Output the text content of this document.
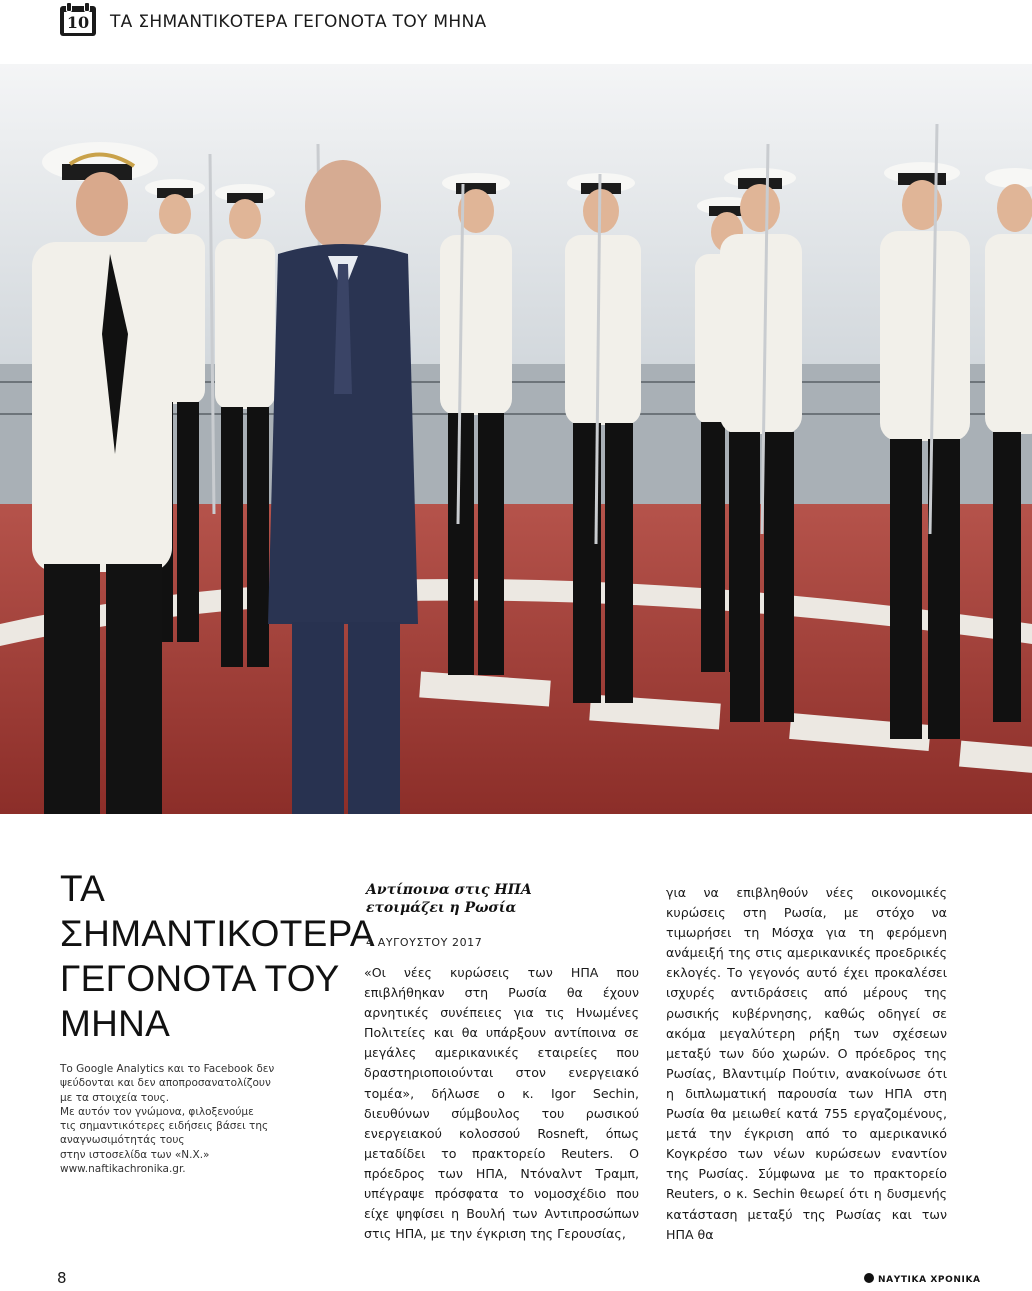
10 ΤΑ ΣΗΜΑΝΤΙΚΟΤΕΡΑ ΓΕΓΟΝΟΤΑ ΤΟΥ ΜΗΝΑ
ΤΑ
ΣΗΜΑΝΤΙΚΟΤΕΡΑ
ΓΕΓΟΝΟΤΑ ΤΟΥ
ΜΗΝΑ
Το Google Analytics και το Facebook δεν
ψεύδονται και δεν αποπροσανατολίζουν
με τα στοιχεία τους.
Με αυτόν τον γνώμονα, φιλοξενούμε
τις σημαντικότερες ειδήσεις βάσει της
αναγνωσιμότητάς τους
στην ιστοσελίδα των «Ν.Χ.»
www.naftikachronika.gr.
Αντίποινα στις ΗΠΑ
ετοιμάζει η Ρωσία
4 ΑΥΓΟΥΣΤΟΥ 2017

«Οι νέες κυρώσεις των ΗΠΑ που επιβλήθηκαν στη Ρωσία θα έχουν αρνητικές συνέπειες για τις Ηνωμένες Πολιτείες και θα υπάρξουν αντίποινα σε μεγάλες αμερικανικές εταιρείες που δραστηριοποιούνται στον ενεργειακό τομέα», δήλωσε ο κ. Igor Sechin, διευθύνων σύμβουλος του ρωσικού ενεργειακού κολοσσού Rosneft, όπως μεταδίδει το πρακτορείο Reuters. Ο πρόεδρος των ΗΠΑ, Ντόναλντ Τραμπ, υπέγραψε πρόσφατα το νομοσχέδιο που είχε ψηφίσει η Βουλή των Αντιπροσώπων στις ΗΠΑ, με την έγκριση της Γερουσίας,

για να επιβληθούν νέες οικονομικές κυρώσεις στη Ρωσία, με στόχο να τιμωρήσει τη Μόσχα για τη φερόμενη ανάμειξή της στις αμερικανικές προεδρικές εκλογές. Το γεγονός αυτό έχει προκαλέσει ισχυρές αντιδράσεις από μέρους της ρωσικής κυβέρνησης, καθώς οδηγεί σε ακόμα μεγαλύτερη ρήξη των σχέσεων μεταξύ των δύο χωρών. Ο πρόεδρος της Ρωσίας, Βλαντιμίρ Πούτιν, ανακοίνωσε ότι η διπλωματική παρουσία των ΗΠΑ στη Ρωσία θα μειωθεί κατά 755 εργαζομένους, μετά την έγκριση από το αμερικανικό Κογκρέσο των νέων κυρώσεων εναντίον της Ρωσίας. Σύμφωνα με το πρακτορείο Reuters, ο κ. Sechin θεωρεί ότι η δυσμενής κατάσταση μεταξύ της Ρωσίας και των ΗΠΑ θα

8	ΝΑΥΤΙΚΑ ΧΡΟΝΙΚΑ
